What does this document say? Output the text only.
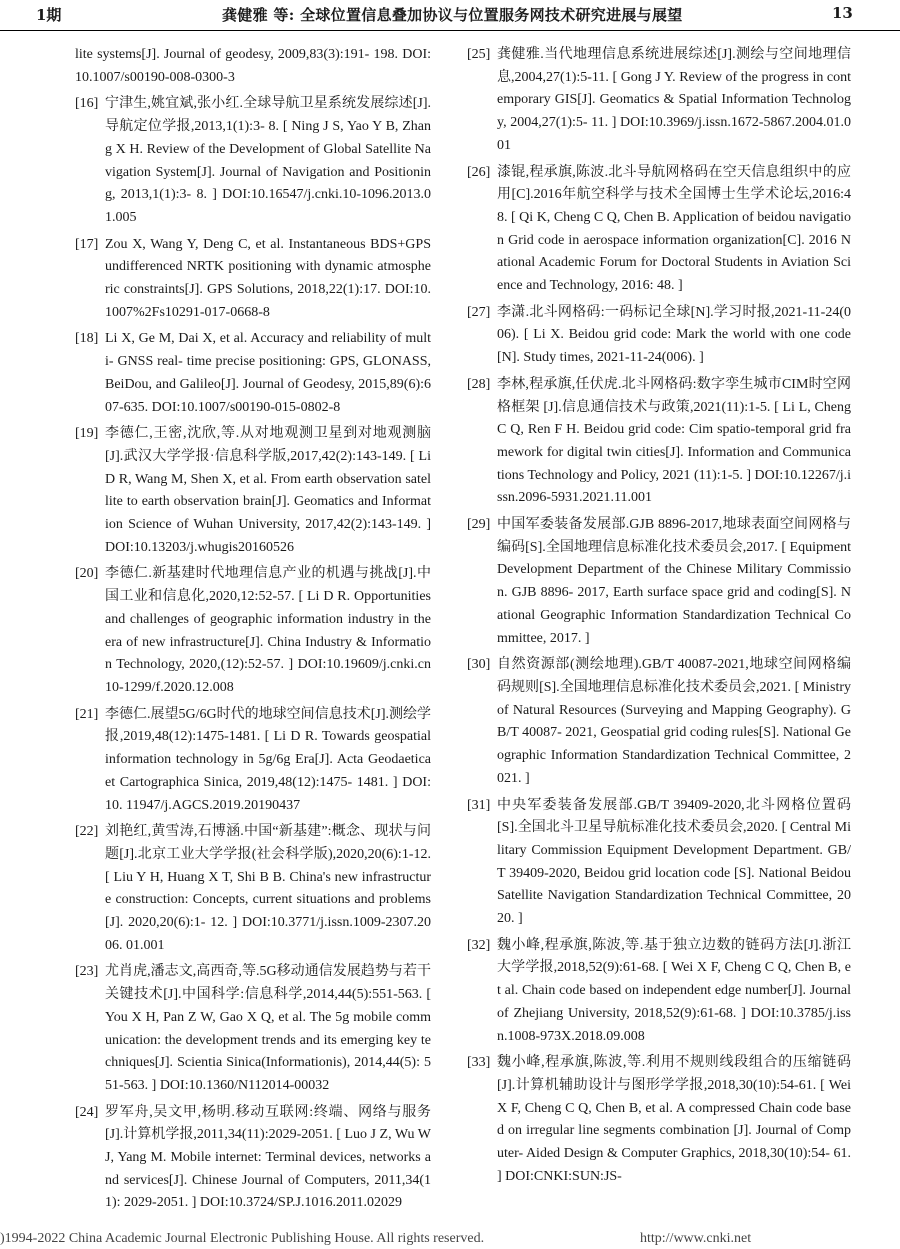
1期	龚健雅 等: 全球位置信息叠加协议与位置服务网技术研究进展与展望	13
lite systems[J]. Journal of geodesy, 2009,83(3):191- 198. DOI:10.1007/s00190-008-0300-3
[16] 宁津生,姚宜斌,张小红.全球导航卫星系统发展综述[J].导航定位学报,2013,1(1):3- 8. [ Ning J S, Yao Y B, Zhang X H. Review of the Development of Global Satellite Navigation System[J]. Journal of Navigation and Positioning, 2013,1(1):3- 8. ] DOI:10.16547/j.cnki.10-1096.2013.01.005
[17] Zou X, Wang Y, Deng C, et al. Instantaneous BDS+GPS undifferenced NRTK positioning with dynamic atmospheric constraints[J]. GPS Solutions, 2018,22(1):17. DOI:10.1007%2Fs10291-017-0668-8
[18] Li X, Ge M, Dai X, et al. Accuracy and reliability of multi- GNSS real- time precise positioning: GPS, GLONASS, BeiDou, and Galileo[J]. Journal of Geodesy, 2015,89(6):607-635. DOI:10.1007/s00190-015-0802-8
[19] 李德仁,王密,沈欣,等.从对地观测卫星到对地观测脑[J].武汉大学学报·信息科学版,2017,42(2):143-149. [ Li D R, Wang M, Shen X, et al. From earth observation satellite to earth observation brain[J]. Geomatics and Information Science of Wuhan University, 2017,42(2):143-149. ] DOI:10.13203/j.whugis20160526
[20] 李德仁.新基建时代地理信息产业的机遇与挑战[J].中国工业和信息化,2020,12:52-57. [ Li D R. Opportunities and challenges of geographic information industry in the era of new infrastructure[J]. China Industry & Information Technology, 2020,(12):52-57. ] DOI:10.19609/j.cnki.cn10-1299/f.2020.12.008
[21] 李德仁.展望5G/6G时代的地球空间信息技术[J].测绘学报,2019,48(12):1475-1481. [ Li D R. Towards geospatial information technology in 5g/6g Era[J]. Acta Geodaetica et Cartographica Sinica, 2019,48(12):1475- 1481. ] DOI: 10. 11947/j.AGCS.2019.20190437
[22] 刘艳红,黄雪涛,石博涵.中国“新基建”:概念、现状与问题[J].北京工业大学学报(社会科学版),2020,20(6):1-12. [ Liu Y H, Huang X T, Shi B B. China's new infrastructure construction: Concepts, current situations and problems[J]. 2020,20(6):1- 12. ] DOI:10.3771/j.issn.1009-2307.2006. 01.001
[23] 尤肖虎,潘志文,高西奇,等.5G移动通信发展趋势与若干关键技术[J].中国科学:信息科学,2014,44(5):551-563. [ You X H, Pan Z W, Gao X Q, et al. The 5g mobile communication: the development trends and its emerging key techniques[J]. Scientia Sinica(Informationis), 2014,44(5): 551-563. ] DOI:10.1360/N112014-00032
[24] 罗军舟,吴文甲,杨明.移动互联网:终端、网络与服务[J].计算机学报,2011,34(11):2029-2051. [ Luo J Z, Wu W J, Yang M. Mobile internet: Terminal devices, networks and services[J]. Chinese Journal of Computers, 2011,34(11): 2029-2051. ] DOI:10.3724/SP.J.1016.2011.02029
[25] 龚健雅.当代地理信息系统进展综述[J].测绘与空间地理信息,2004,27(1):5-11. [ Gong J Y. Review of the progress in contemporary GIS[J]. Geomatics & Spatial Information Technology, 2004,27(1):5- 11. ] DOI:10.3969/j.issn.1672-5867.2004.01.001
[26] 漆锟,程承旗,陈波.北斗导航网格码在空天信息组织中的应用[C].2016年航空科学与技术全国博士生学术论坛,2016:48. [ Qi K, Cheng C Q, Chen B. Application of beidou navigation Grid code in aerospace information organization[C]. 2016 National Academic Forum for Doctoral Students in Aviation Science and Technology, 2016: 48. ]
[27] 李潇.北斗网格码:一码标记全球[N].学习时报,2021-11-24(006). [ Li X. Beidou grid code: Mark the world with one code[N]. Study times, 2021-11-24(006). ]
[28] 李林,程承旗,任伏虎.北斗网格码:数字孪生城市CIM时空网格框架 [J].信息通信技术与政策,2021(11):1-5. [ Li L, Cheng C Q, Ren F H. Beidou grid code: Cim spatio-temporal grid framework for digital twin cities[J]. Information and Communications Technology and Policy, 2021 (11):1-5. ] DOI:10.12267/j.issn.2096-5931.2021.11.001
[29] 中国军委装备发展部.GJB 8896-2017,地球表面空间网格与编码[S].全国地理信息标准化技术委员会,2017. [ Equipment Development Department of the Chinese Military Commission. GJB 8896- 2017, Earth surface space grid and coding[S]. National Geographic Information Standardization Technical Committee, 2017. ]
[30] 自然资源部(测绘地理).GB/T 40087-2021,地球空间网格编码规则[S].全国地理信息标准化技术委员会,2021. [ Ministry of Natural Resources (Surveying and Mapping Geography). GB/T 40087- 2021, Geospatial grid coding rules[S]. National Geographic Information Standardization Technical Committee, 2021. ]
[31] 中央军委装备发展部.GB/T 39409-2020,北斗网格位置码[S].全国北斗卫星导航标准化技术委员会,2020. [ Central Military Commission Equipment Development Department. GB/T 39409-2020, Beidou grid location code [S]. National Beidou Satellite Navigation Standardization Technical Committee, 2020. ]
[32] 魏小峰,程承旗,陈波,等.基于独立边数的链码方法[J].浙江大学学报,2018,52(9):61-68. [ Wei X F, Cheng C Q, Chen B, et al. Chain code based on independent edge number[J]. Journal of Zhejiang University, 2018,52(9):61-68. ] DOI:10.3785/j.issn.1008-973X.2018.09.008
[33] 魏小峰,程承旗,陈波,等.利用不规则线段组合的压缩链码[J].计算机辅助设计与图形学学报,2018,30(10):54-61. [ Wei X F, Cheng C Q, Chen B, et al. A compressed Chain code based on irregular line segments combination [J]. Journal of Computer- Aided Design & Computer Graphics, 2018,30(10):54- 61. ] DOI:CNKI:SUN:JS-
)1994-2022 China Academic Journal Electronic Publishing House. All rights reserved.	http://www.cnki.net
